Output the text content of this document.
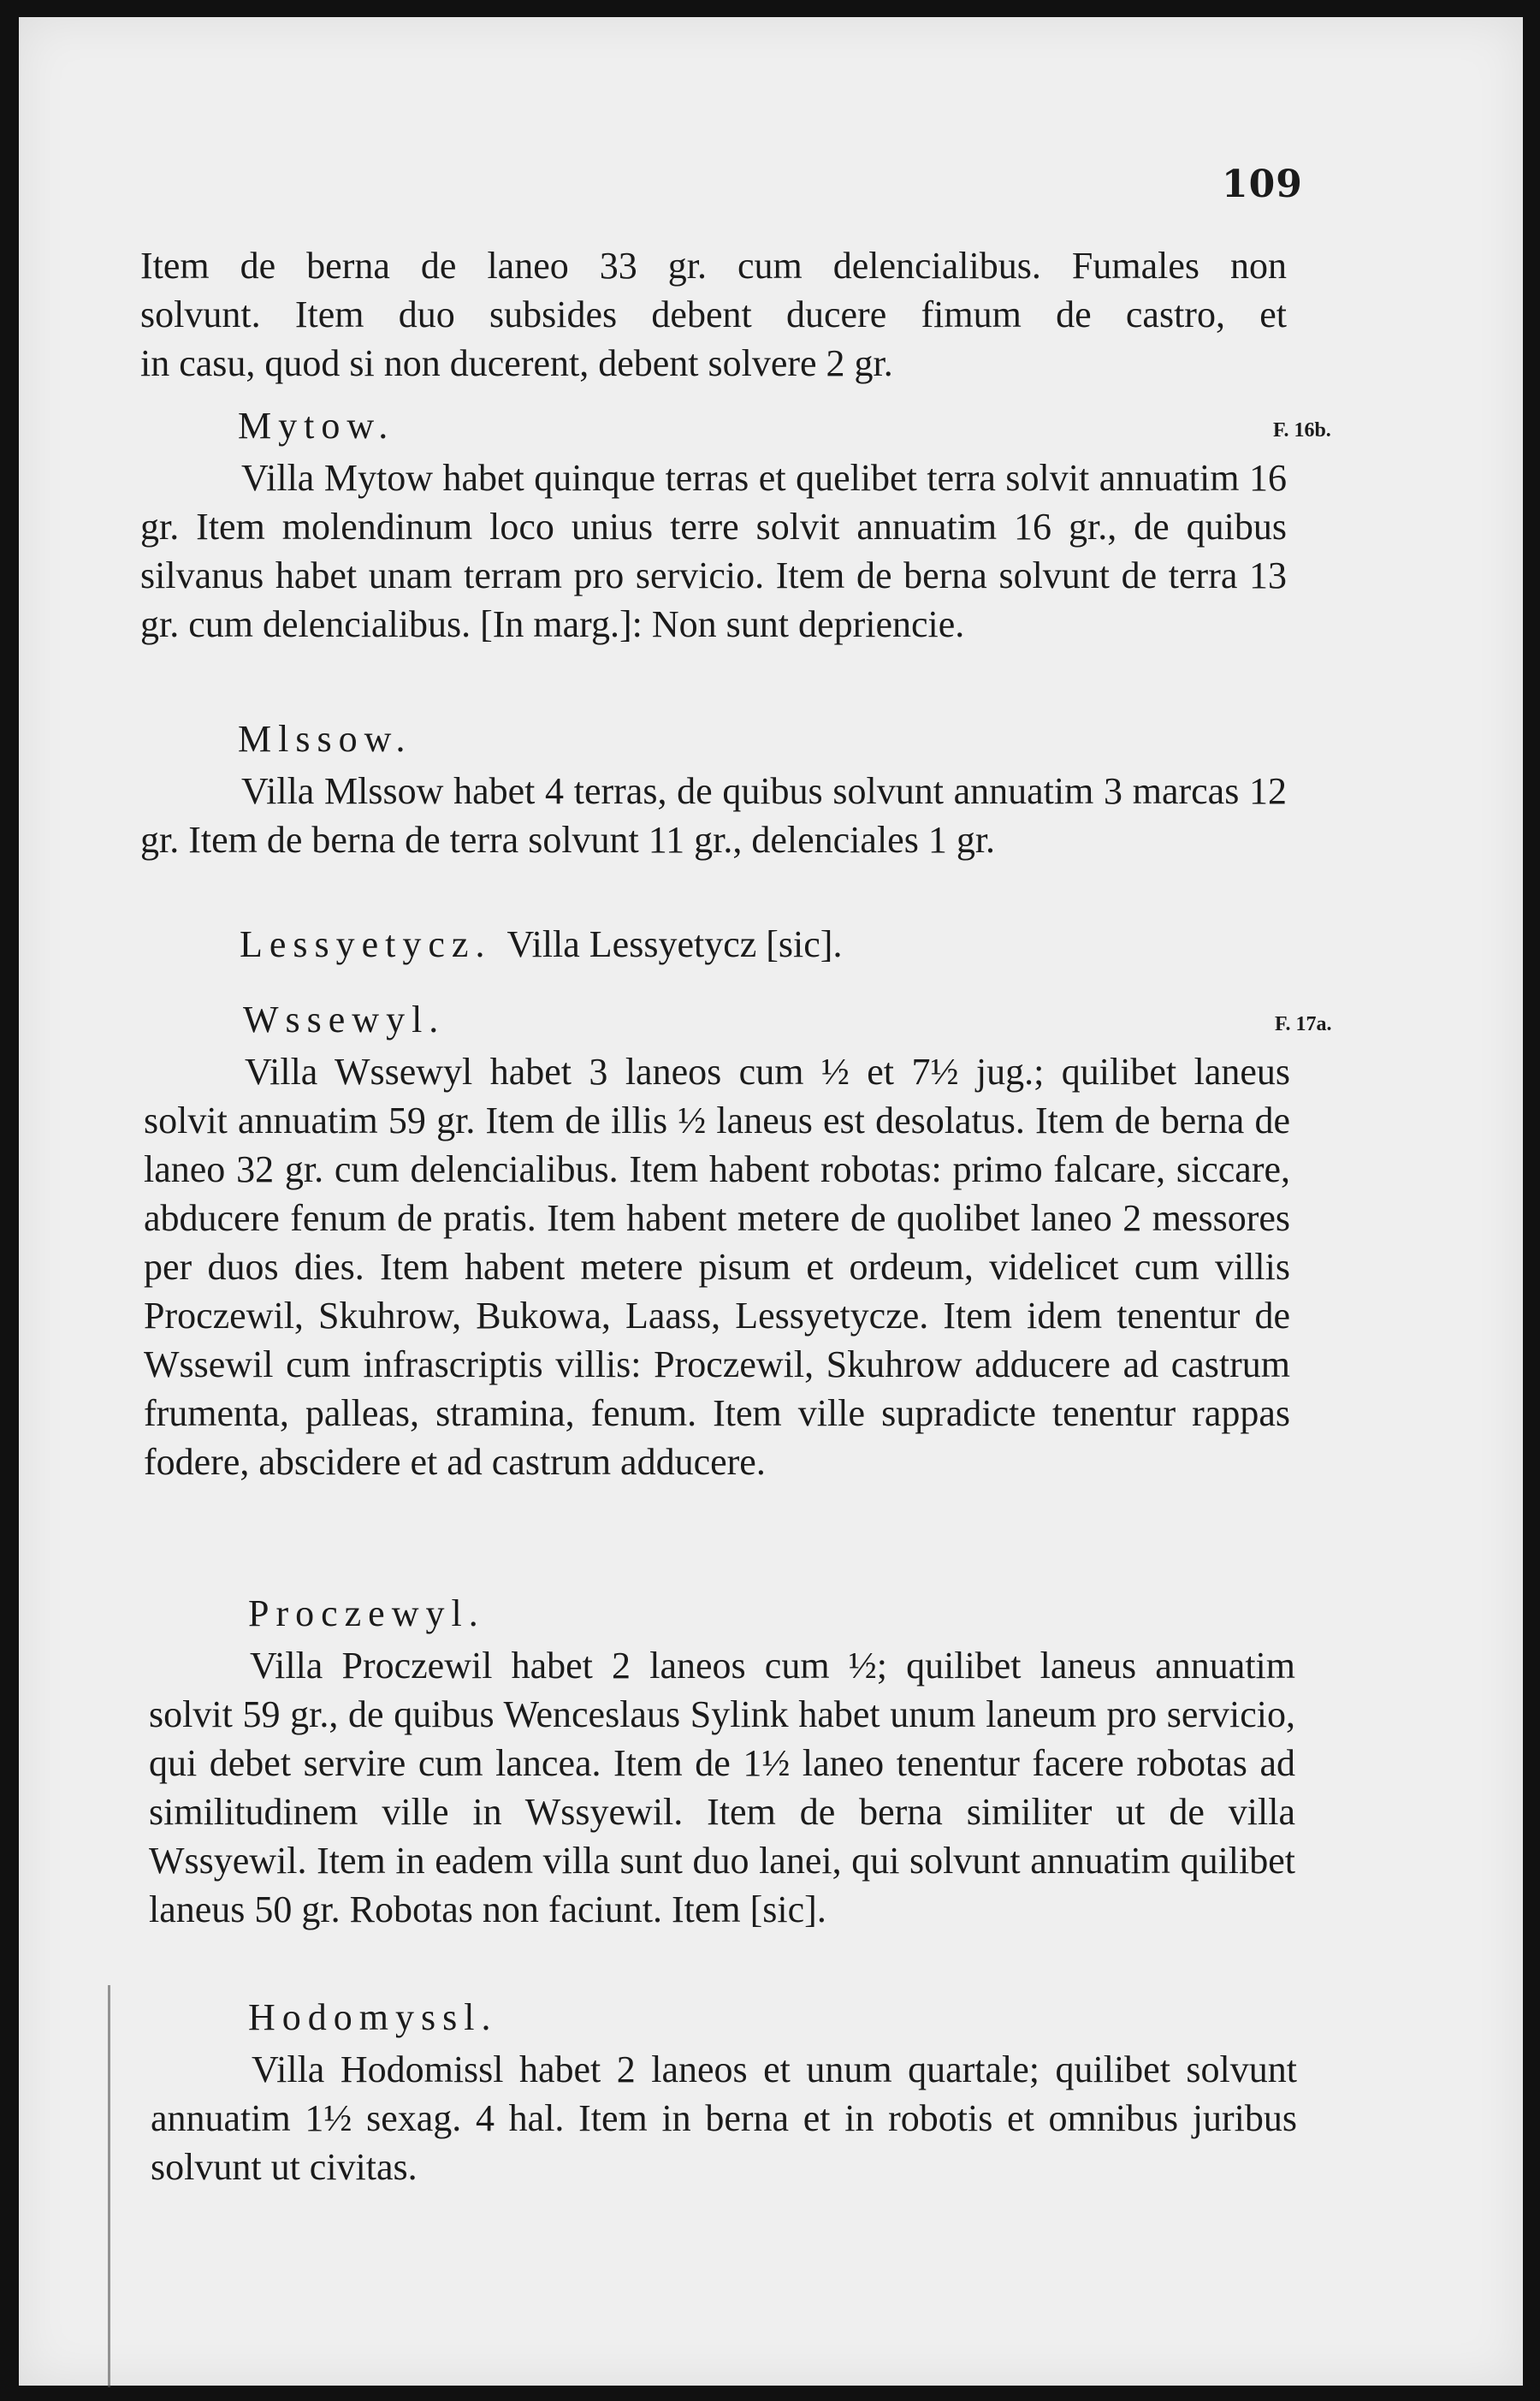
109

Item de berna de laneo 33 gr. cum delencialibus. Fumales non

solvunt. Item duo subsides debent ducere fimum de castro, et

in casu, quod si non ducerent, debent solvere 2 gr.

Mytow.	F. 16b.

Villa Mytow habet quinque terras et quelibet terra solvit annuatim 16 gr. Item molendinum loco unius terre solvit annuatim 16 gr., de quibus silvanus habet unam terram pro servicio. Item de berna solvunt de terra 13 gr. cum delencialibus. [In marg.]: Non sunt depriencie.

Mlssow.

Villa Mlssow habet 4 terras, de quibus solvunt annuatim 3 marcas 12 gr. Item de berna de terra solvunt 11 gr., delenciales 1 gr.

Lessyetycz. Villa Lessyetycz [sic].
Wssewyl.	F. 17a.

Villa Wssewyl habet 3 laneos cum ½ et 7½ jug.; quilibet laneus solvit annuatim 59 gr. Item de illis ½ laneus est desolatus. Item de berna de laneo 32 gr. cum delencialibus. Item habent robotas: primo falcare, siccare, abducere fenum de pratis. Item habent metere de quolibet laneo 2 messores per duos dies. Item habent metere pisum et ordeum, videlicet cum villis Proczewil, Skuhrow, Bukowa, Laass, Lessyetycze. Item idem tenentur de Wssewil cum infrascriptis villis: Proczewil, Skuhrow adducere ad castrum frumenta, palleas, stramina, fenum. Item ville supradicte tenentur rappas fodere, abscidere et ad castrum adducere.

Proczewyl.

Villa Proczewil habet 2 laneos cum ½; quilibet laneus annuatim solvit 59 gr., de quibus Wenceslaus Sylink habet unum laneum pro servicio, qui debet servire cum lancea. Item de 1½ laneo tenentur facere robotas ad similitudinem ville in Wssyewil. Item de berna similiter ut de villa Wssyewil. Item in eadem villa sunt duo lanei, qui solvunt annuatim quilibet laneus 50 gr. Robotas non faciunt. Item [sic].

Hodomyssl.

Villa Hodomissl habet 2 laneos et unum quartale; quilibet solvunt annuatim 1½ sexag. 4 hal. Item in berna et in robotis et omnibus juribus solvunt ut civitas.
